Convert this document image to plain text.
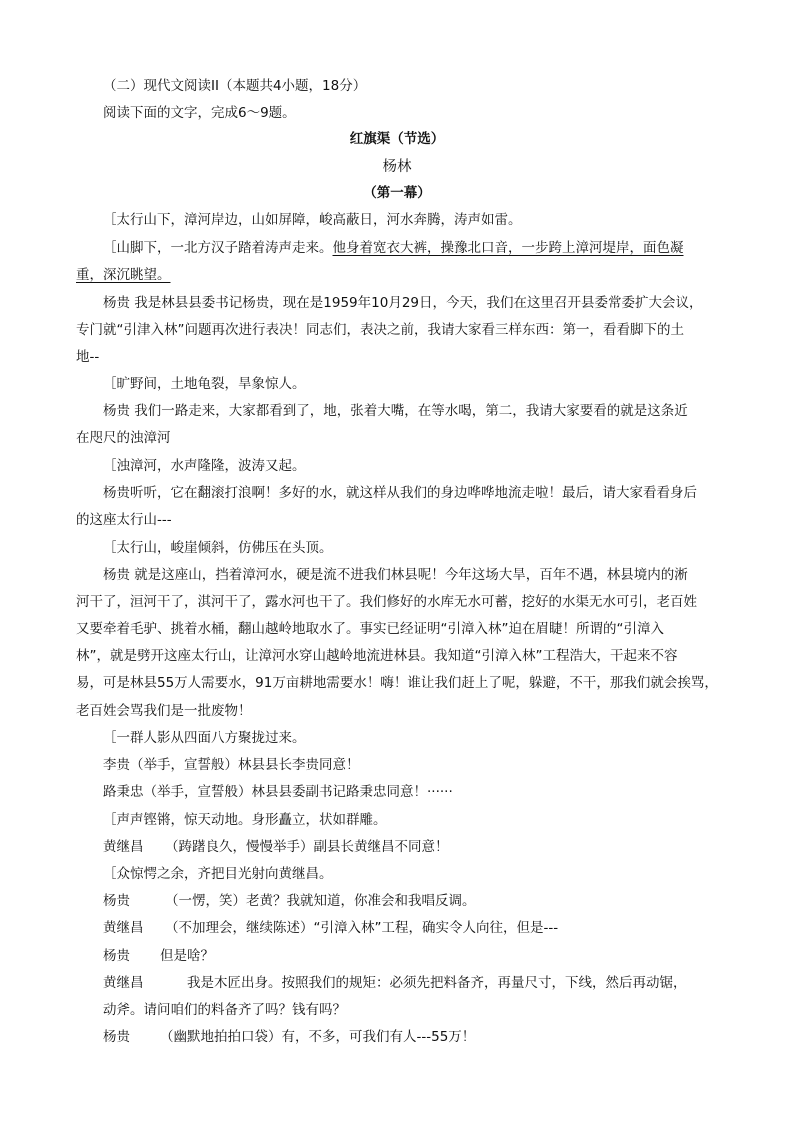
（二）现代文阅读II（本题共4小题，18分）
阅读下面的文字，完成6～9题。
红旗渠（节选）
杨林
（第一幕）
［太行山下，漳河岸边，山如屏障，峻高蔽日，河水奔腾，涛声如雷。
［山脚下，一北方汉子踏着涛声走来。他身着宽衣大裤，操豫北口音，一步跨上漳河堤岸，面色凝
重，深沉眺望。
杨贵 我是林县县委书记杨贵，现在是1959年10月29日，今天，我们在这里召开县委常委扩大会议，
专门就“引津入林”问题再次进行表决！同志们，表决之前，我请大家看三样东西：第一，看看脚下的土
地--
［旷野间，土地龟裂，旱象惊人。
杨贵 我们一路走来，大家都看到了，地，张着大嘴，在等水喝，第二，我请大家要看的就是这条近
在咫尺的浊漳河
［浊漳河，水声隆隆，波涛又起。
杨贵听听，它在翻滚打浪啊！多好的水，就这样从我们的身边哗哗地流走啦！最后，请大家看看身后
的这座太行山---
［太行山，峻崖倾斜，仿佛压在头顶。
杨贵 就是这座山，挡着漳河水，硬是流不进我们林县呢！今年这场大旱，百年不遇，林县境内的淅
河干了，洹河干了，淇河干了，露水河也干了。我们修好的水库无水可蓄，挖好的水渠无水可引，老百姓
又要牵着毛驴、挑着水桶，翻山越岭地取水了。事实已经证明“引漳入林”迫在眉睫！所谓的“引漳入
林”，就是劈开这座太行山，让漳河水穿山越岭地流进林县。我知道“引漳入林”工程浩大，干起来不容
易，可是林县55万人需要水，91万亩耕地需要水！嗨！谁让我们赶上了呢，躲避，不干，那我们就会挨骂，
老百姓会骂我们是一批废物！
［一群人影从四面八方聚拢过来。
李贵（举手，宣誓般）林县县长李贵同意！
路秉忠（举手，宣誓般）林县县委副书记路秉忠同意！······
［声声铿锵，惊天动地。身形矗立，状如群雕。
黄继昌 （踌躇良久，慢慢举手）副县长黄继昌不同意！
［众惊愕之余，齐把目光射向黄继昌。
杨贵	（一愣，笑）老黄？我就知道，你准会和我唱反调。
黄继昌 （不加理会，继续陈述）“引漳入林”工程，确实令人向往，但是---
杨贵 但是啥？
黄继昌	我是木匠出身。按照我们的规矩：必须先把料备齐，再量尺寸，下线，然后再动锯，
动斧。请问咱们的料备齐了吗？钱有吗？
杨贵 （幽默地拍拍口袋）有，不多，可我们有人---55万！
